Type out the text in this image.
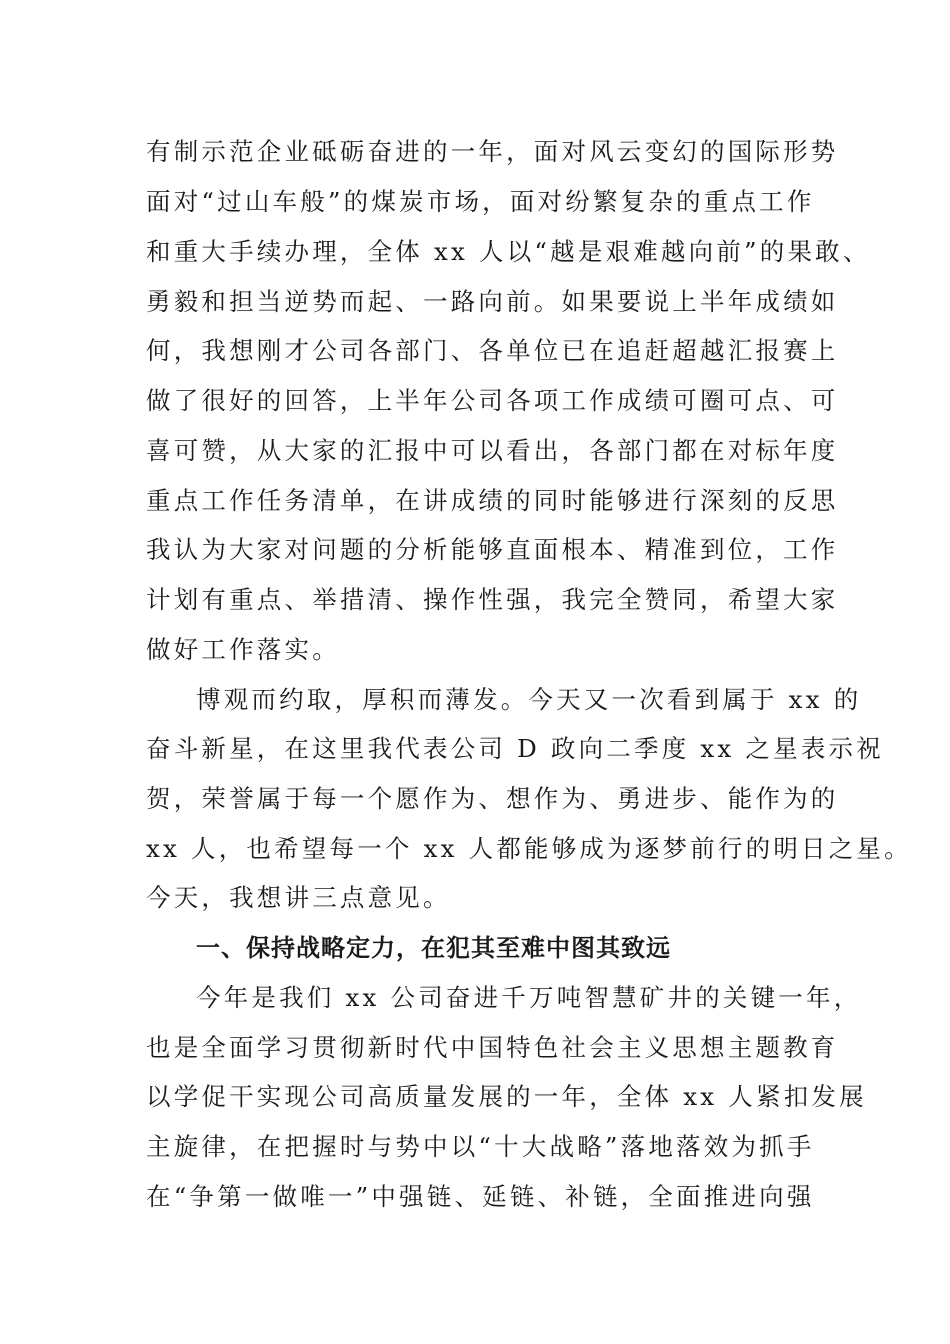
有制示范企业砥砺奋进的一年，面对风云变幻的国际形势
面对“过山车般”的煤炭市场，面对纷繁复杂的重点工作
和重大手续办理，全体 xx 人以“越是艰难越向前”的果敢、
勇毅和担当逆势而起、一路向前。如果要说上半年成绩如
何，我想刚才公司各部门、各单位已在追赶超越汇报赛上
做了很好的回答，上半年公司各项工作成绩可圈可点、可
喜可赞，从大家的汇报中可以看出，各部门都在对标年度
重点工作任务清单，在讲成绩的同时能够进行深刻的反思
我认为大家对问题的分析能够直面根本、精准到位，工作
计划有重点、举措清、操作性强，我完全赞同，希望大家
做好工作落实。
博观而约取，厚积而薄发。今天又一次看到属于 xx 的
奋斗新星，在这里我代表公司 D 政向二季度 xx 之星表示祝
贺，荣誉属于每一个愿作为、想作为、勇进步、能作为的
xx 人，也希望每一个 xx 人都能够成为逐梦前行的明日之星。
今天，我想讲三点意见。
一、保持战略定力，在犯其至难中图其致远
今年是我们 xx 公司奋进千万吨智慧矿井的关键一年，
也是全面学习贯彻新时代中国特色社会主义思想主题教育
以学促干实现公司高质量发展的一年，全体 xx 人紧扣发展
主旋律，在把握时与势中以“十大战略”落地落效为抓手
在“争第一做唯一”中强链、延链、补链，全面推进向强
